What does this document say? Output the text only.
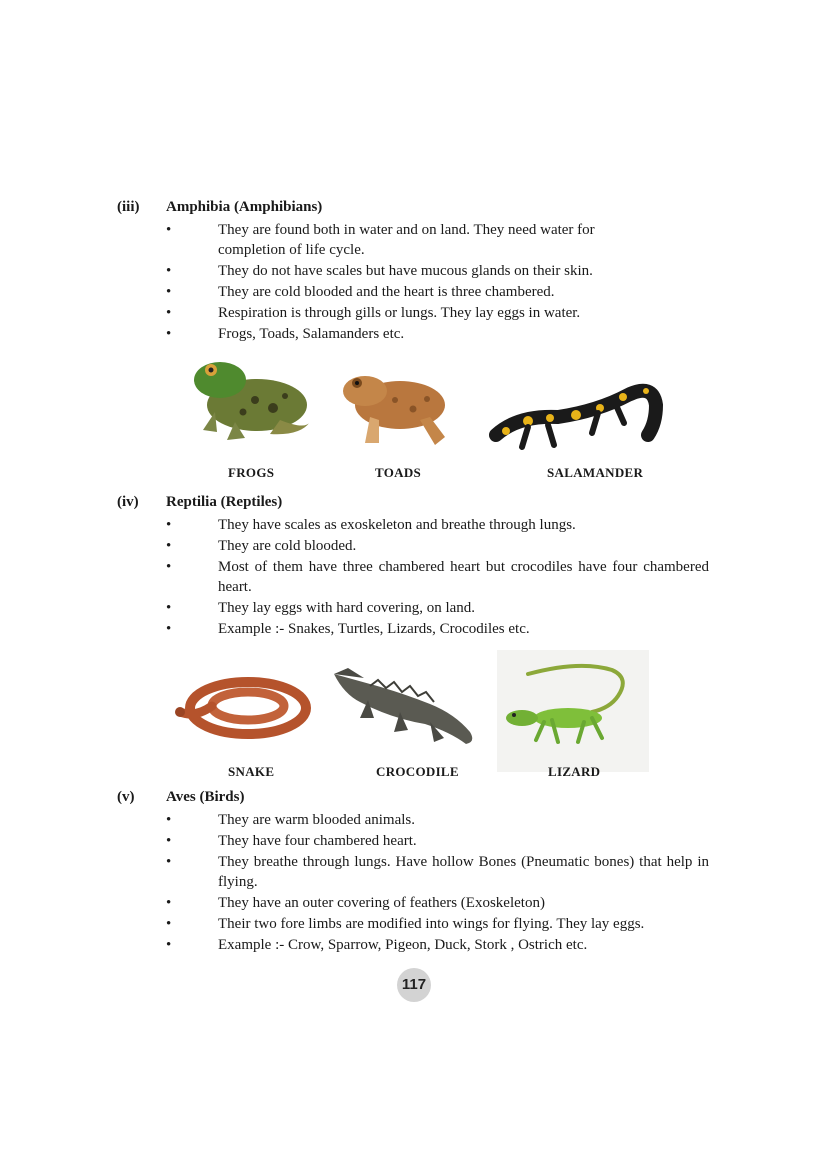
(iii) Amphibia (Amphibians)
• They are found both in water and on land. They need water for completion of life cycle.
• They do not have scales but have mucous glands on their skin.
• They are cold blooded and the heart is three chambered.
• Respiration is through gills or lungs. They lay eggs in water.
• Frogs, Toads, Salamanders etc.
FROGS	TOADS	SALAMANDER
(iv) Reptilia (Reptiles)
• They have scales as exoskeleton and breathe through lungs.
• They are cold blooded.
• Most of them have three chambered heart but crocodiles have four chambered heart.
• They lay eggs with hard covering, on land.
• Example :- Snakes, Turtles, Lizards, Crocodiles etc.
SNAKE	CROCODILE	LIZARD
(v) Aves (Birds)
• They are warm blooded animals.
• They have four chambered heart.
• They breathe through lungs. Have hollow Bones (Pneumatic bones) that help in flying.
• They have an outer covering of feathers (Exoskeleton)
• Their two fore limbs are modified into wings for flying. They lay eggs.
• Example :- Crow, Sparrow, Pigeon, Duck, Stork , Ostrich etc.
117
